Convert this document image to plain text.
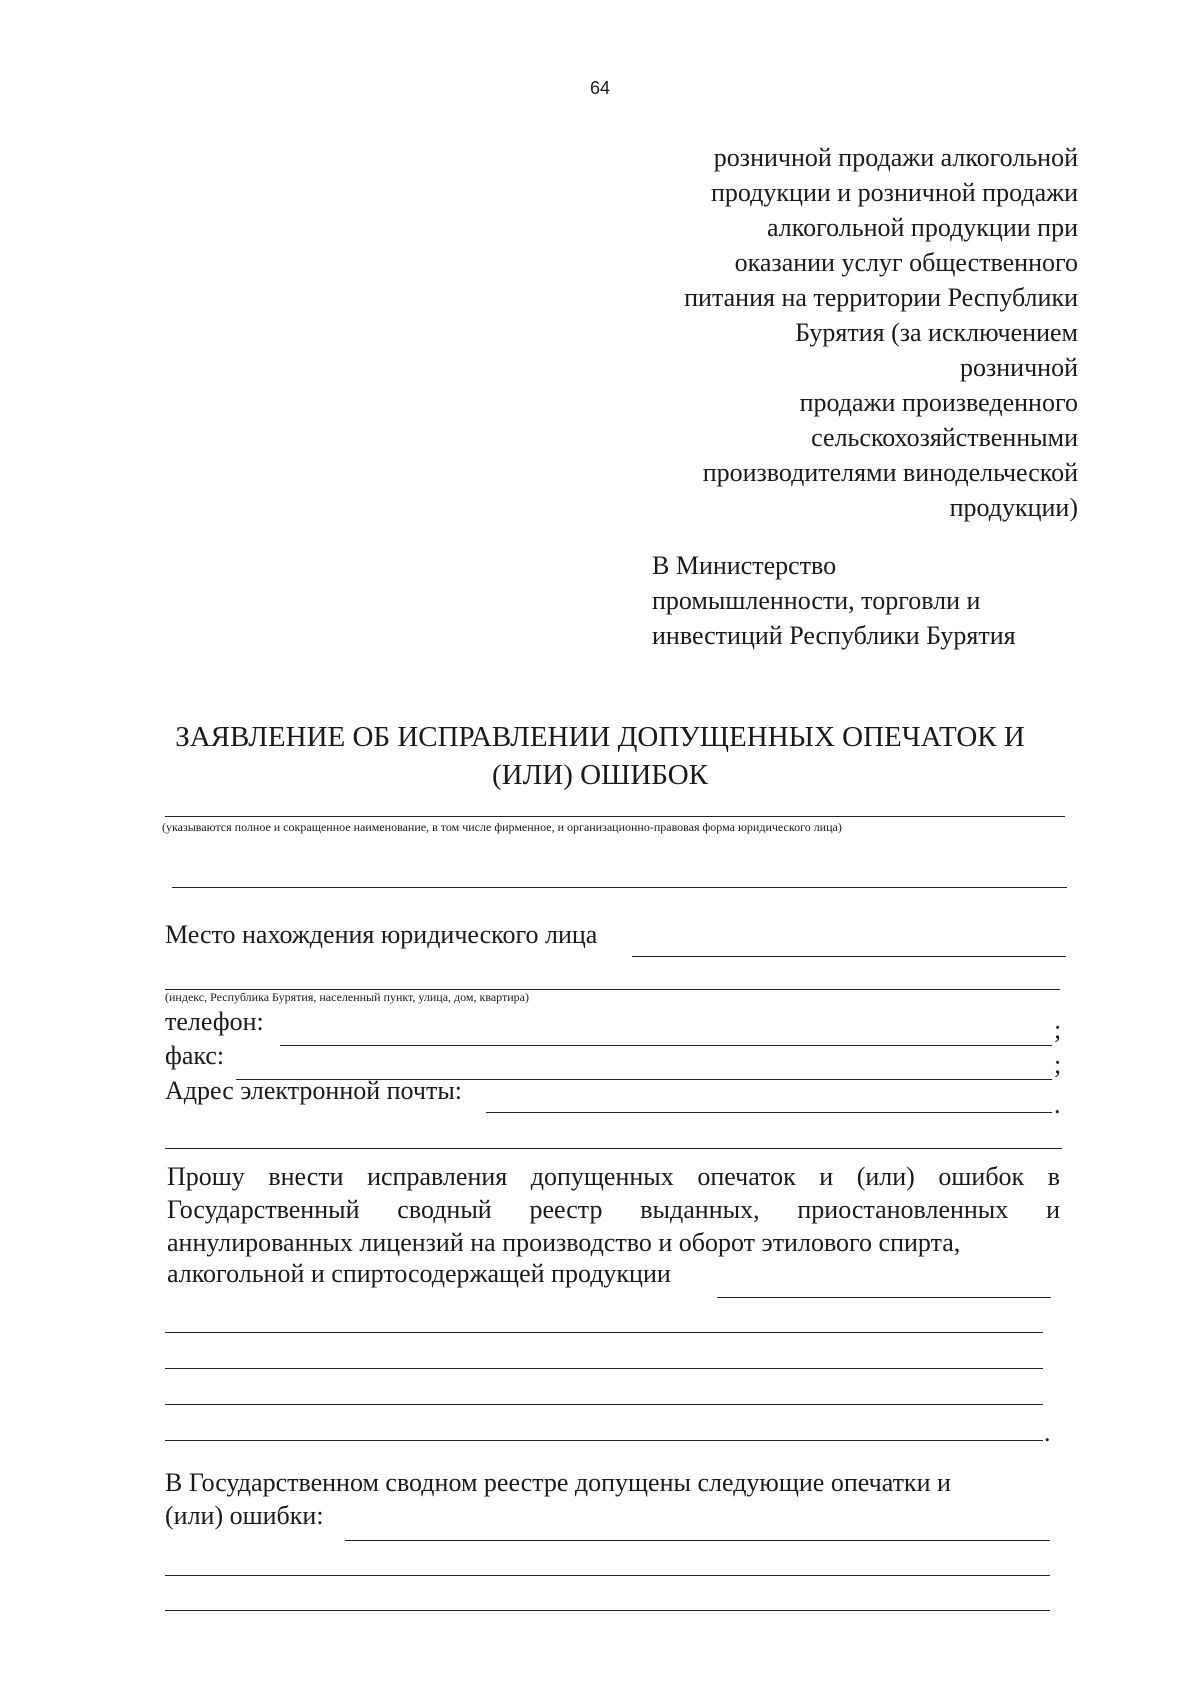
64
розничной продажи алкогольной
продукции и розничной продажи
алкогольной продукции при
оказании услуг общественного
питания на территории Республики
Бурятия (за исключением
розничной
продажи произведенного
сельскохозяйственными
производителями винодельческой
продукции)
В Министерство
промышленности, торговли и
инвестиций Республики Бурятия
ЗАЯВЛЕНИЕ ОБ ИСПРАВЛЕНИИ ДОПУЩЕННЫХ ОПЕЧАТОК И
(ИЛИ) ОШИБОК
(указываются полное и сокращенное наименование, в том числе фирменное, и организационно-правовая форма юридического лица)
Место нахождения юридического лица
(индекс, Республика Бурятия, населенный пункт, улица, дом, квартира)
телефон:	;
факс:	;
Адрес электронной почты:	.
Прошу внести исправления допущенных опечаток и (или) ошибок в Государственный сводный реестр выданных, приостановленных и аннулированных лицензий на производство и оборот этилового спирта,
алкогольной и спиртосодержащей продукции
.
В Государственном сводном реестре допущены следующие опечатки и
(или) ошибки:
